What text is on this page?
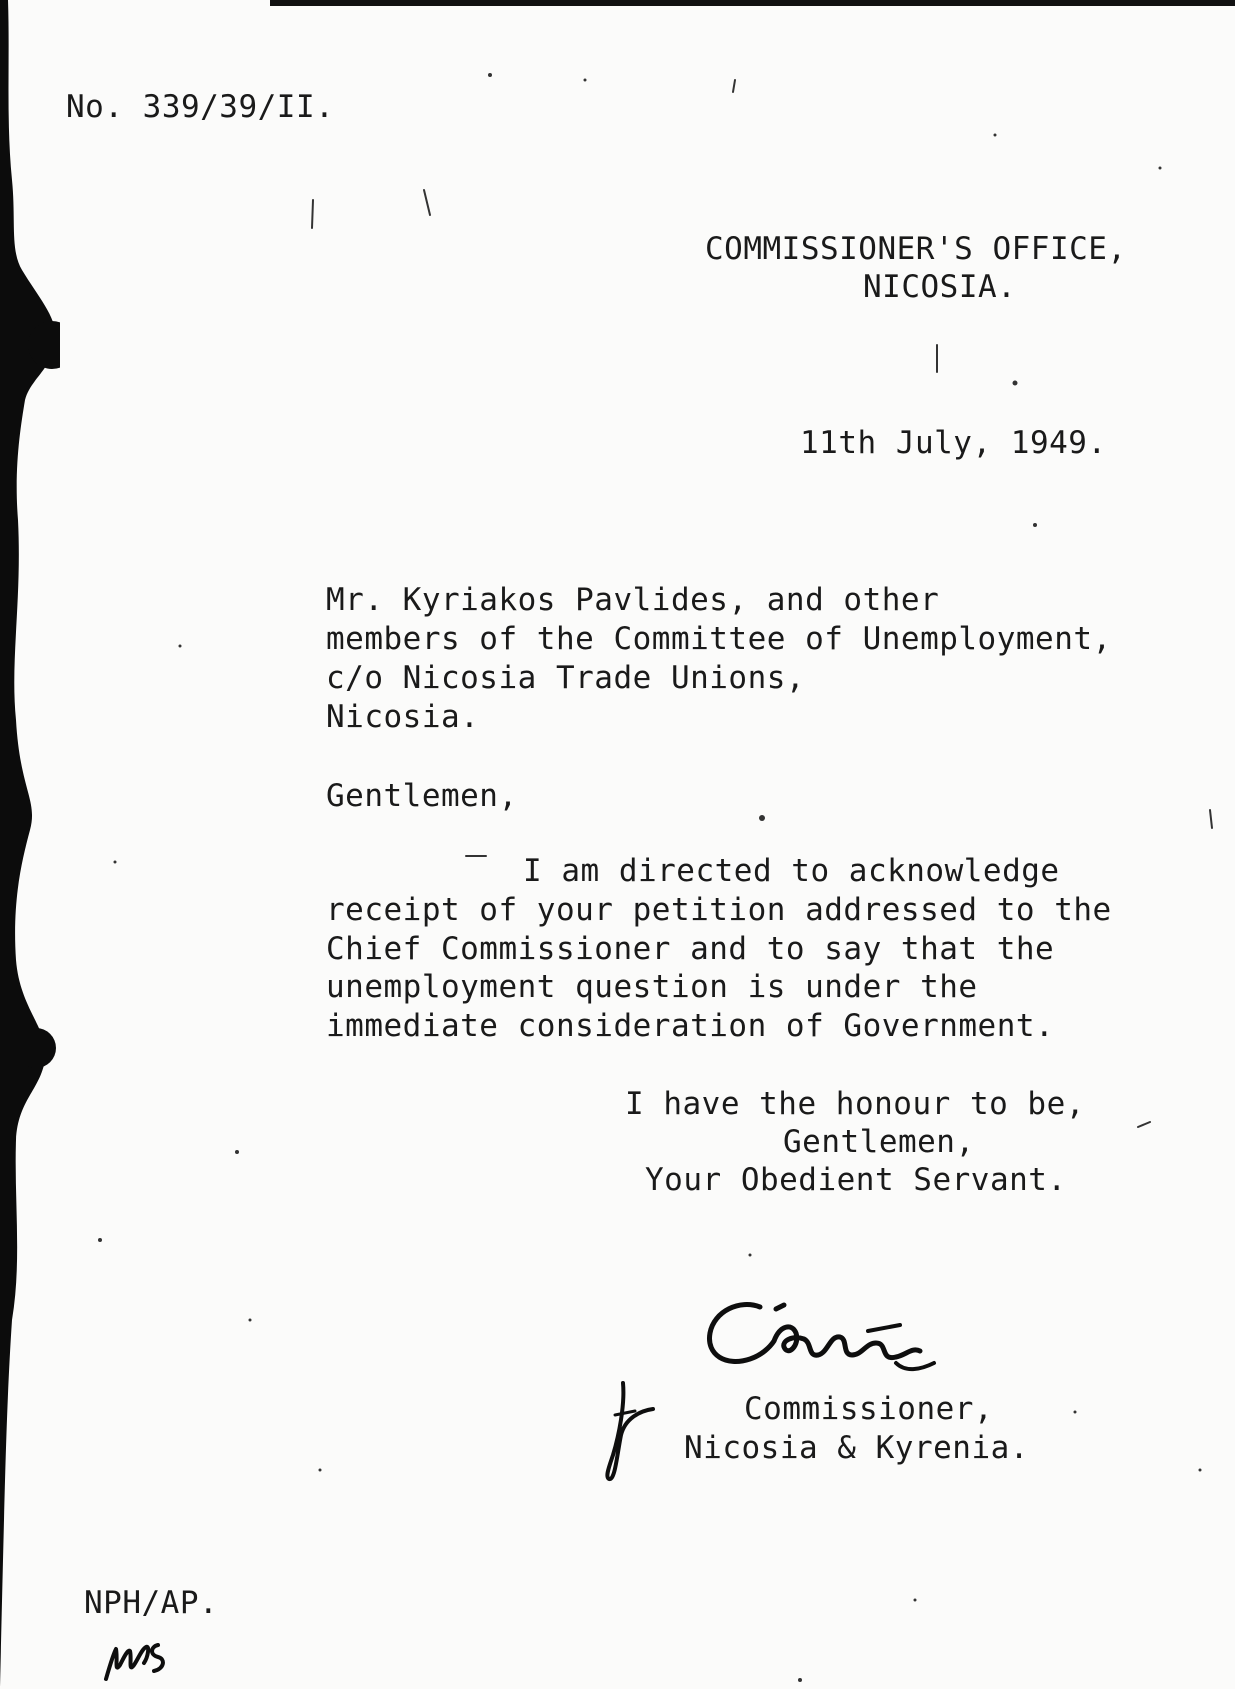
No. 339/39/II.
COMMISSIONER'S OFFICE,
NICOSIA.
11th July, 1949.
Mr. Kyriakos Pavlides, and other
members of the Committee of Unemployment,
c/o Nicosia Trade Unions,
Nicosia.
Gentlemen,
I am directed to acknowledge
receipt of your petition addressed to the
Chief Commissioner and to say that the
unemployment question is under the
immediate consideration of Government.
I have the honour to be,
Gentlemen,
Your Obedient Servant.
Commissioner,
Nicosia & Kyrenia.
NPH/AP.
